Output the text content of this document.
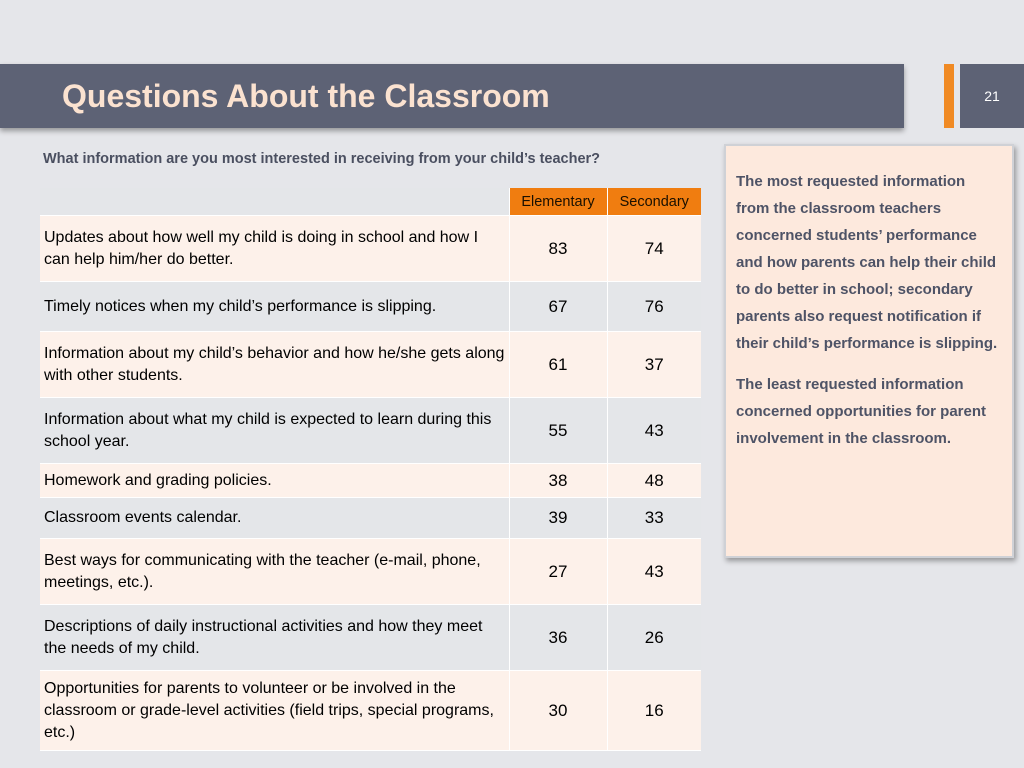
Questions About the Classroom	21
What information are you most interested in receiving from your child’s teacher?
	Elementary	Secondary
Updates about how well my child is doing in school and how I can help him/her do better.	83	74
Timely notices when my child’s performance is slipping.	67	76
Information about my child’s behavior and how he/she gets along with other students.	61	37
Information about what my child is expected to learn during this school year.	55	43
Homework and grading policies.	38	48
Classroom events calendar.	39	33
Best ways for communicating with the teacher (e-mail, phone, meetings, etc.).	27	43
Descriptions of daily instructional activities and how they meet the needs of my child.	36	26
Opportunities for parents to volunteer or be involved in the classroom or grade-level activities (field trips, special programs, etc.)	30	16

The most requested information from the classroom teachers concerned students’ performance and how parents can help their child to do better in school; secondary parents also request notification if their child’s performance is slipping.

The least requested information concerned opportunities for parent involvement in the classroom.
